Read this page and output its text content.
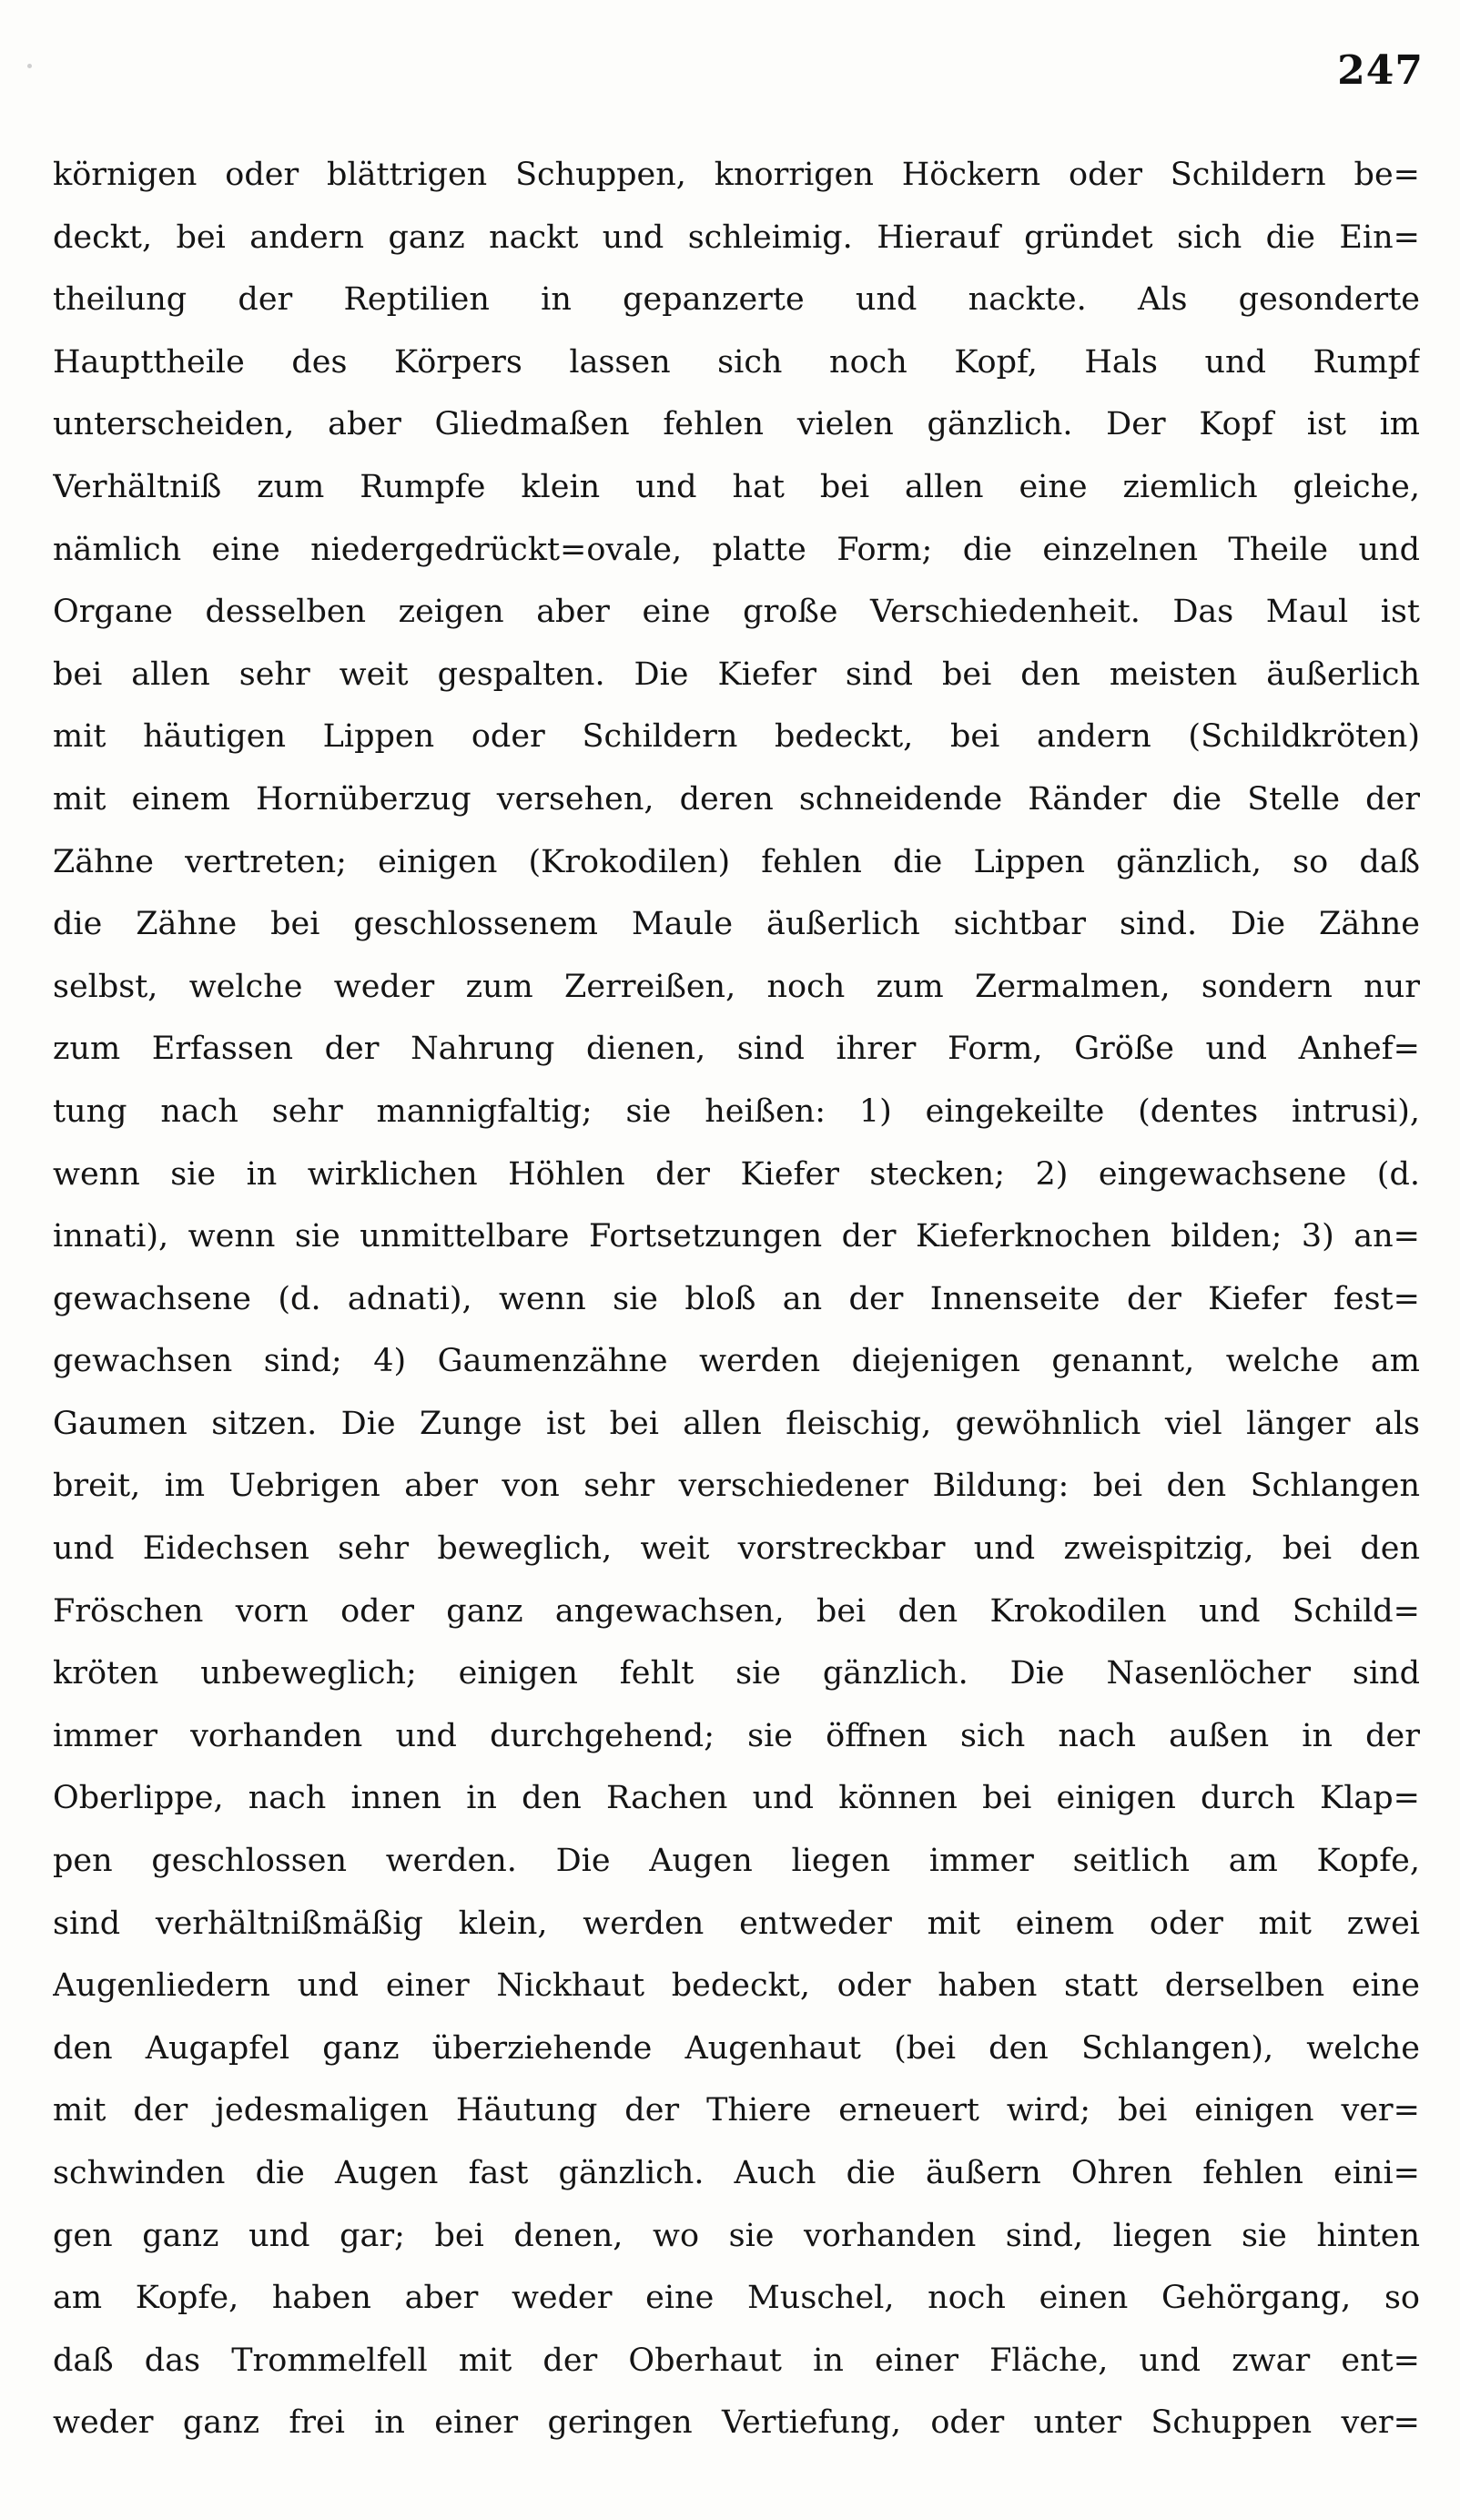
247
körnigen oder blättrigen Schuppen, knorrigen Höckern oder Schildern be=
deckt, bei andern ganz nackt und schleimig. Hierauf gründet sich die Ein=
theilung der Reptilien in gepanzerte und nackte. Als gesonderte
Haupttheile des Körpers lassen sich noch Kopf, Hals und Rumpf
unterscheiden, aber Gliedmaßen fehlen vielen gänzlich. Der Kopf ist im
Verhältniß zum Rumpfe klein und hat bei allen eine ziemlich gleiche,
nämlich eine niedergedrückt=ovale, platte Form; die einzelnen Theile und
Organe desselben zeigen aber eine große Verschiedenheit. Das Maul ist
bei allen sehr weit gespalten. Die Kiefer sind bei den meisten äußerlich
mit häutigen Lippen oder Schildern bedeckt, bei andern (Schildkröten)
mit einem Hornüberzug versehen, deren schneidende Ränder die Stelle der
Zähne vertreten; einigen (Krokodilen) fehlen die Lippen gänzlich, so daß
die Zähne bei geschlossenem Maule äußerlich sichtbar sind. Die Zähne
selbst, welche weder zum Zerreißen, noch zum Zermalmen, sondern nur
zum Erfassen der Nahrung dienen, sind ihrer Form, Größe und Anhef=
tung nach sehr mannigfaltig; sie heißen: 1) eingekeilte (dentes intrusi),
wenn sie in wirklichen Höhlen der Kiefer stecken; 2) eingewachsene (d.
innati), wenn sie unmittelbare Fortsetzungen der Kieferknochen bilden; 3) an=
gewachsene (d. adnati), wenn sie bloß an der Innenseite der Kiefer fest=
gewachsen sind; 4) Gaumenzähne werden diejenigen genannt, welche am
Gaumen sitzen. Die Zunge ist bei allen fleischig, gewöhnlich viel länger als
breit, im Uebrigen aber von sehr verschiedener Bildung: bei den Schlangen
und Eidechsen sehr beweglich, weit vorstreckbar und zweispitzig, bei den
Fröschen vorn oder ganz angewachsen, bei den Krokodilen und Schild=
kröten unbeweglich; einigen fehlt sie gänzlich. Die Nasenlöcher sind
immer vorhanden und durchgehend; sie öffnen sich nach außen in der
Oberlippe, nach innen in den Rachen und können bei einigen durch Klap=
pen geschlossen werden. Die Augen liegen immer seitlich am Kopfe,
sind verhältnißmäßig klein, werden entweder mit einem oder mit zwei
Augenliedern und einer Nickhaut bedeckt, oder haben statt derselben eine
den Augapfel ganz überziehende Augenhaut (bei den Schlangen), welche
mit der jedesmaligen Häutung der Thiere erneuert wird; bei einigen ver=
schwinden die Augen fast gänzlich. Auch die äußern Ohren fehlen eini=
gen ganz und gar; bei denen, wo sie vorhanden sind, liegen sie hinten
am Kopfe, haben aber weder eine Muschel, noch einen Gehörgang, so
daß das Trommelfell mit der Oberhaut in einer Fläche, und zwar ent=
weder ganz frei in einer geringen Vertiefung, oder unter Schuppen ver=
